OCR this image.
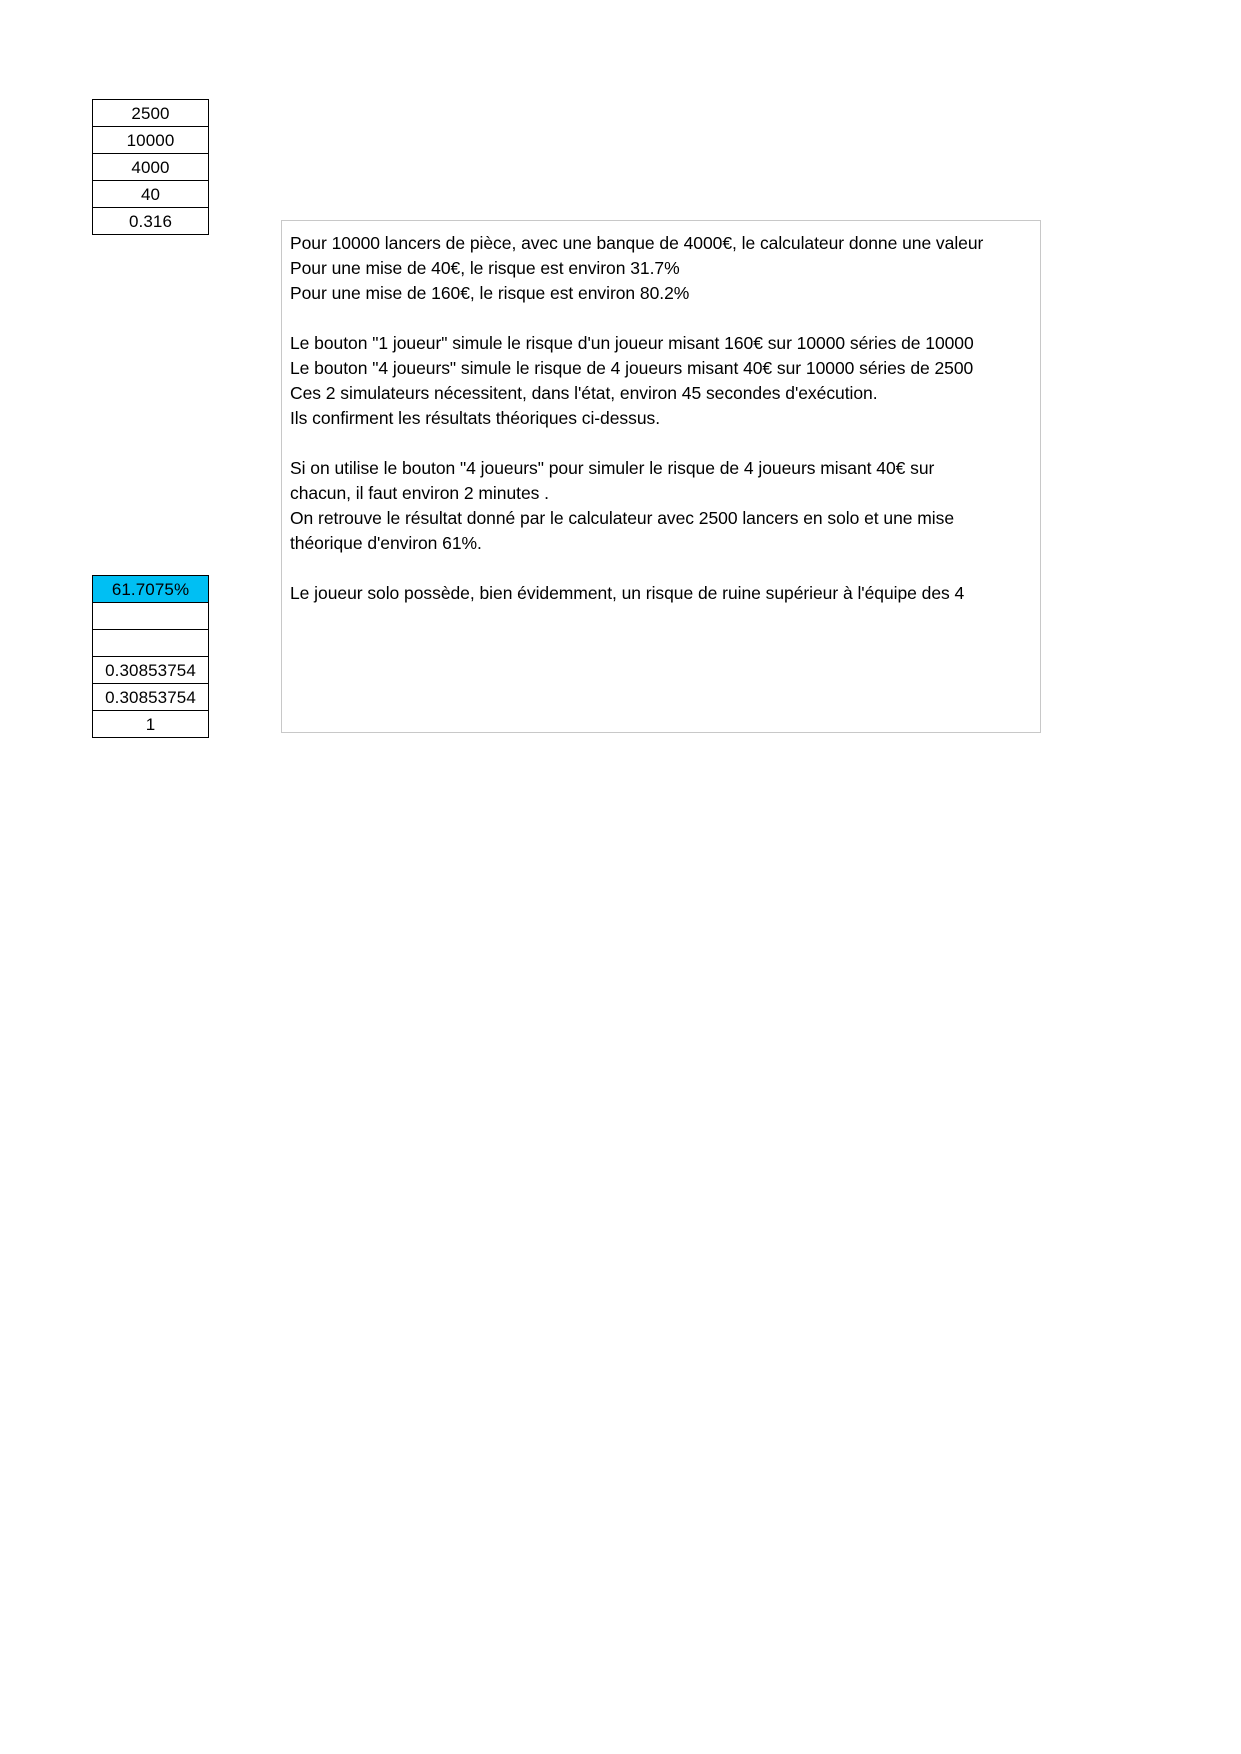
2500
10000
4000
40
0.316
61.7075%
0.30853754
0.30853754
1
Pour 10000 lancers de pièce, avec une banque de 4000€, le calculateur donne une valeur
Pour une mise de 40€, le risque est environ 31.7%
Pour une mise de 160€, le risque est environ 80.2%
Le bouton "1 joueur" simule le risque d'un joueur misant 160€ sur 10000 séries de 10000
Le bouton "4 joueurs" simule le risque de 4 joueurs misant 40€ sur 10000 séries de 2500
Ces 2 simulateurs nécessitent, dans l'état, environ 45 secondes d'exécution.
Ils confirment les résultats théoriques ci-dessus.
Si on utilise le bouton "4 joueurs" pour simuler le risque de 4 joueurs misant 40€ sur
chacun, il faut environ 2 minutes .
On retrouve le résultat donné par le calculateur avec 2500 lancers en solo et une mise
théorique d'environ 61%.
Le joueur solo possède, bien évidemment, un risque de ruine supérieur à l'équipe des 4
